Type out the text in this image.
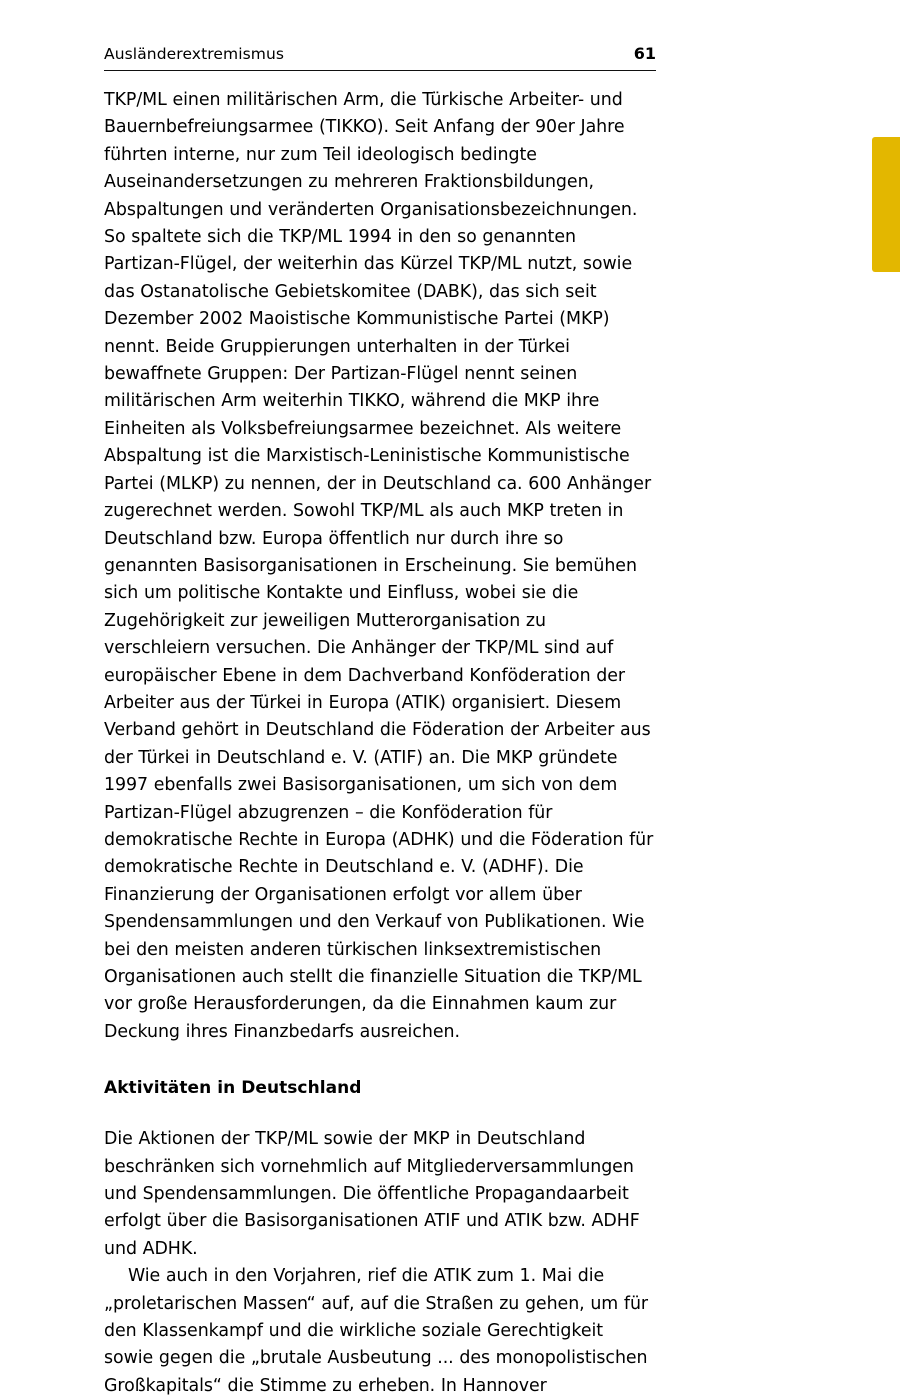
Ausländerextremismus	61

TKP/ML einen militärischen Arm, die Türkische Arbeiter- und Bauernbefreiungsarmee (TIKKO). Seit Anfang der 90er Jahre führten interne, nur zum Teil ideologisch bedingte Auseinandersetzungen zu mehreren Fraktionsbildungen, Abspaltungen und veränderten Organisationsbezeichnungen. So spaltete sich die TKP/ML 1994 in den so genannten Partizan-Flügel, der weiterhin das Kürzel TKP/ML nutzt, sowie das Ostanatolische Gebietskomitee (DABK), das sich seit Dezember 2002 Maoistische Kommunistische Partei (MKP) nennt. Beide Gruppierungen unterhalten in der Türkei bewaffnete Gruppen: Der Partizan-Flügel nennt seinen militärischen Arm weiterhin TIKKO, während die MKP ihre Einheiten als Volksbefreiungsarmee bezeichnet. Als weitere Abspaltung ist die Marxistisch-Leninistische Kommunistische Partei (MLKP) zu nennen, der in Deutschland ca. 600 Anhänger zugerechnet werden. Sowohl TKP/ML als auch MKP treten in Deutschland bzw. Europa öffentlich nur durch ihre so genannten Basisorganisationen in Erscheinung. Sie bemühen sich um politische Kontakte und Einfluss, wobei sie die Zugehörigkeit zur jeweiligen Mutterorganisation zu verschleiern versuchen. Die Anhänger der TKP/ML sind auf europäischer Ebene in dem Dachverband Konföderation der Arbeiter aus der Türkei in Europa (ATIK) organisiert. Diesem Verband gehört in Deutschland die Föderation der Arbeiter aus der Türkei in Deutschland e. V. (ATIF) an. Die MKP gründete 1997 ebenfalls zwei Basisorganisationen, um sich von dem Partizan-Flügel abzugrenzen – die Konföderation für demokratische Rechte in Europa (ADHK) und die Föderation für demokratische Rechte in Deutschland e. V. (ADHF). Die Finanzierung der Organisationen erfolgt vor allem über Spendensammlungen und den Verkauf von Publikationen. Wie bei den meisten anderen türkischen linksextremistischen Organisationen auch stellt die finanzielle Situation die TKP/ML vor große Herausforderungen, da die Einnahmen kaum zur Deckung ihres Finanzbedarfs ausreichen.

Aktivitäten in Deutschland

Die Aktionen der TKP/ML sowie der MKP in Deutschland beschränken sich vornehmlich auf Mitgliederversammlungen und Spendensammlungen. Die öffentliche Propagandaarbeit erfolgt über die Basisorganisationen ATIF und ATIK bzw. ADHF und ADHK.

Wie auch in den Vorjahren, rief die ATIK zum 1. Mai die „proletarischen Massen“ auf, auf die Straßen zu gehen, um für den Klassenkampf und die wirkliche soziale Gerechtigkeit sowie gegen die „brutale Ausbeutung ... des monopolistischen Großkapitals“ die Stimme zu erheben. In Hannover
